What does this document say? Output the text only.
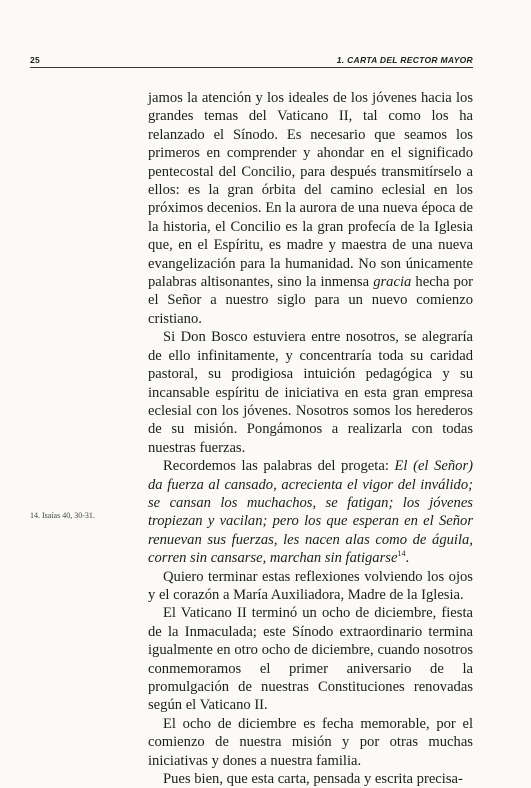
25	1. CARTA DEL RECTOR MAYOR

jamos la atención y los ideales de los jóvenes hacia los grandes temas del Vaticano II, tal como los ha relanzado el Sínodo. Es necesario que seamos los primeros en comprender y ahondar en el significado pentecostal del Concilio, para después transmitírselo a ellos: es la gran órbita del camino eclesial en los próximos decenios. En la aurora de una nueva época de la historia, el Concilio es la gran profecía de la Iglesia que, en el Espíritu, es madre y maestra de una nueva evangelización para la humanidad. No son únicamente palabras altisonantes, sino la inmensa gracia hecha por el Señor a nuestro siglo para un nuevo comienzo cristiano.

Si Don Bosco estuviera entre nosotros, se alegraría de ello infinitamente, y concentraría toda su caridad pastoral, su prodigiosa intuición pedagógica y su incansable espíritu de iniciativa en esta gran empresa eclesial con los jóvenes. Nosotros somos los herederos de su misión. Pongámonos a realizarla con todas nuestras fuerzas.

Recordemos las palabras del progeta: El (el Señor) da fuerza al cansado, acrecienta el vigor del inválido; se cansan los muchachos, se fatigan; los jóvenes tropiezan y vacilan; pero los que esperan en el Señor renuevan sus fuerzas, les nacen alas como de águila, corren sin cansarse, marchan sin fatigarse$^{14}$.

Quiero terminar estas reflexiones volviendo los ojos y el corazón a María Auxiliadora, Madre de la Iglesia.

El Vaticano II terminó un ocho de diciembre, fiesta de la Inmaculada; este Sínodo extraordinario termina igualmente en otro ocho de diciembre, cuando nosotros conmemoramos el primer aniversario de la promulgación de nuestras Constituciones renovadas según el Vaticano II.

El ocho de diciembre es fecha memorable, por el comienzo de nuestra misión y por otras muchas iniciativas y dones a nuestra familia.

Pues bien, que esta carta, pensada y escrita precisa-

14. Isaías 40, 30-31.
